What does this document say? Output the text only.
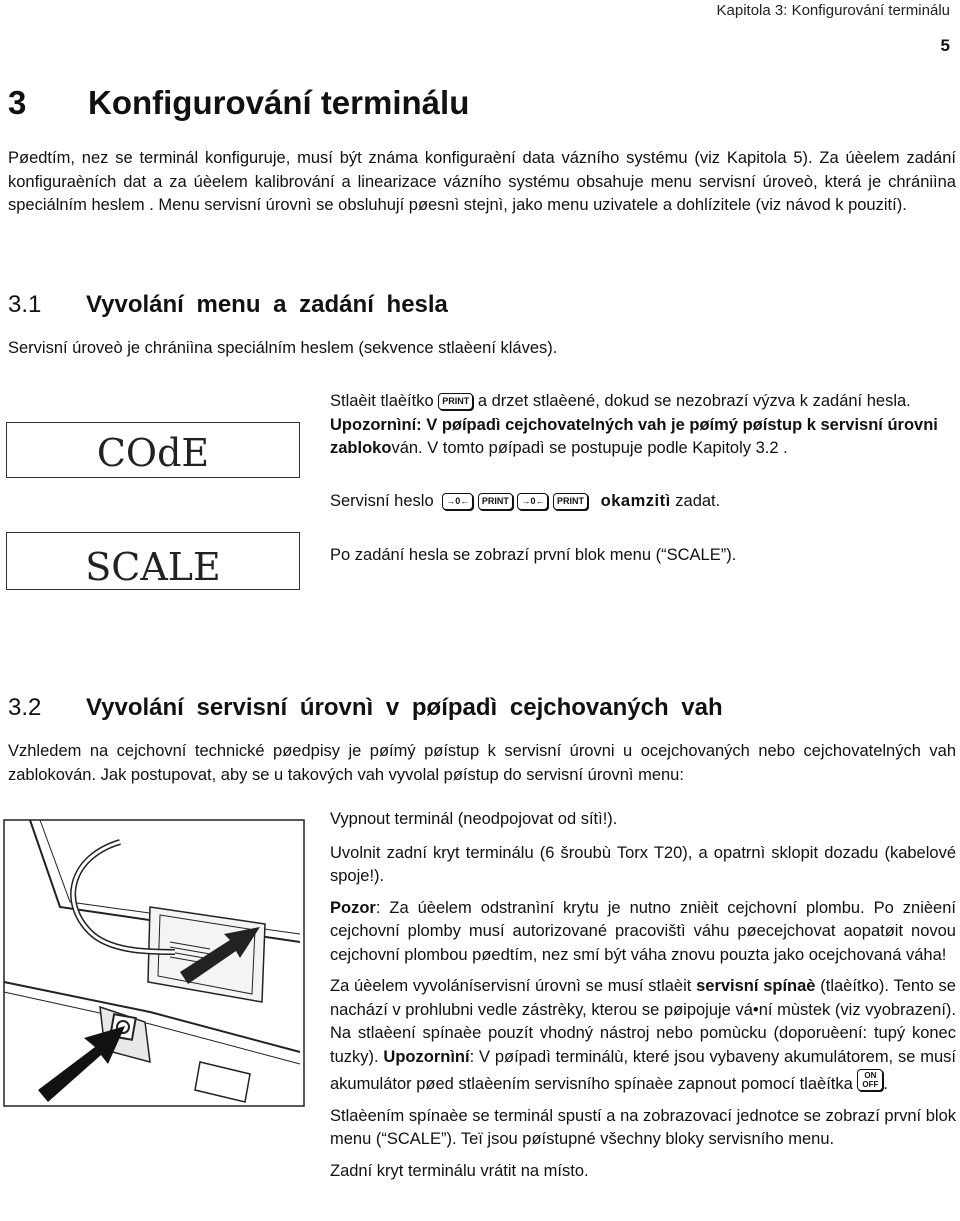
Kapitola 3: Konfigurování terminálu
5
3 Konfigurování terminálu

Pøedtím, nez se terminál konfiguruje, musí být známa konfiguraèní data vázního systému (viz Kapitola 5). Za úèelem zadání konfiguraèních dat a za úèelem kalibrování a linearizace vázního systému obsahuje menu servisní úroveò, která je chrániìna speciálním heslem . Menu servisní úrovnì se obsluhují pøesnì stejnì, jako menu uzivatele a dohlízitele (viz návod k pouzití).

3.1 Vyvolání menu a zadání hesla

Servisní úroveò je chrániìna speciálním heslem (sekvence stlaèení kláves).

COdE
SCALE

Stlaèit tlaèítko PRINT a drzet stlaèené, dokud se nezobrazí výzva k zadání hesla.

Upozornìní: V pøípadì cejchovatelných vah je pøímý pøístup k servisní úrovni zablokován. V tomto pøípadì se postupuje podle Kapitoly 3.2 .

Servisní heslo →0← PRINT →0← PRINT okamzitì zadat.
Po zadání hesla se zobrazí první blok menu (“SCALE”).
3.2 Vyvolání servisní úrovnì v pøípadì cejchovaných vah

Vzhledem na cejchovní technické pøedpisy je pøímý pøístup k servisní úrovni u ocejchovaných nebo cejchovatelných vah zablokován. Jak postupovat, aby se u takových vah vyvolal pøístup do servisní úrovnì menu:

Vypnout terminál (neodpojovat od sítì!).

Uvolnit zadní kryt terminálu (6 šroubù Torx T20), a opatrnì sklopit dozadu (kabelové spoje!).

Pozor: Za úèelem odstranìní krytu je nutno znièit cejchovní plombu. Po znièení cejchovní plomby musí autorizované pracovištì váhu pøecejchovat aopatøit novou cejchovní plombou pøedtím, nez smí být váha znovu pouzta jako ocejchovaná váha!

Za úèelem vyvoláníservisní úrovnì se musí stlaèit servisní spínaè (tlaèítko). Tento se nachází v prohlubni vedle zástrèky, kterou se pøipojuje vá•ní mùstek (viz vyobrazení). Na stlaèení spínaèe pouzít vhodný nástroj nebo pomùcku (doporuèení: tupý konec tuzky). Upozornìní: V pøípadì terminálù, které jsou vybaveny akumulátorem, se musí akumulátor pøed stlaèením servisního spínaèe zapnout pomocí tlaèítka ON
OFF .

Stlaèením spínaèe se terminál spustí a na zobrazovací jednotce se zobrazí první blok menu (“SCALE”). Teï jsou pøístupné všechny bloky servisního menu.

Zadní kryt terminálu vrátit na místo.
